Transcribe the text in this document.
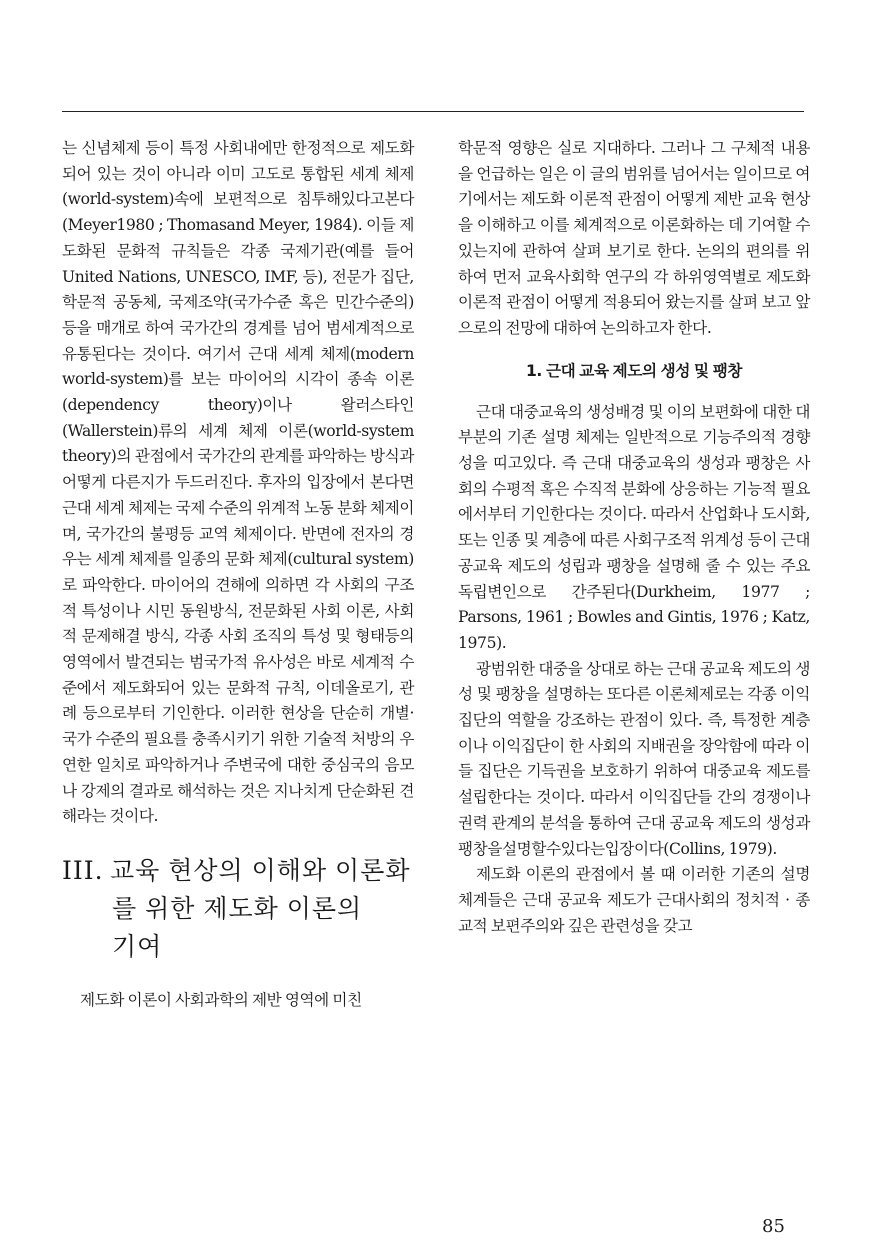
는 신념체제 등이 특정 사회내에만 한정적으로 제도화되어 있는 것이 아니라 이미 고도로 통합된 세계 체제 (world-system)속에 보편적으로 침투해있다고본다(Meyer1980 ; Thomasand Meyer, 1984). 이들 제도화된 문화적 규칙들은 각종 국제기관(예를 들어 United Nations, UNESCO, IMF, 등), 전문가 집단, 학문적 공동체, 국제조약(국가수준 혹은 민간수준의)등을 매개로 하여 국가간의 경계를 넘어 범세계적으로 유통된다는 것이다. 여기서 근대 세계 체제(modern world-system)를 보는 마이어의 시각이 종속 이론(dependency theory)이나 왈러스타인(Wallerstein)류의 세계 체제 이론(world-system theory)의 관점에서 국가간의 관계를 파악하는 방식과 어떻게 다른지가 두드러진다. 후자의 입장에서 본다면 근대 세계 체제는 국제 수준의 위계적 노동 분화 체제이며, 국가간의 불평등 교역 체제이다. 반면에 전자의 경우는 세계 체제를 일종의 문화 체제(cultural system)로 파악한다. 마이어의 견해에 의하면 각 사회의 구조적 특성이나 시민 동원방식, 전문화된 사회 이론, 사회적 문제해결 방식, 각종 사회 조직의 특성 및 형태등의 영역에서 발견되는 범국가적 유사성은 바로 세계적 수준에서 제도화되어 있는 문화적 규칙, 이데올로기, 관례 등으로부터 기인한다. 이러한 현상을 단순히 개별·국가 수준의 필요를 충족시키기 위한 기술적 처방의 우연한 일치로 파악하거나 주변국에 대한 중심국의 음모나 강제의 결과로 해석하는 것은 지나치게 단순화된 견해라는 것이다.

III. 교육 현상의 이해와 이론화
를 위한 제도화 이론의
기여

제도화 이론이 사회과학의 제반 영역에 미친

학문적 영향은 실로 지대하다. 그러나 그 구체적 내용을 언급하는 일은 이 글의 범위를 넘어서는 일이므로 여기에서는 제도화 이론적 관점이 어떻게 제반 교육 현상을 이해하고 이를 체계적으로 이론화하는 데 기여할 수 있는지에 관하여 살펴 보기로 한다. 논의의 편의를 위하여 먼저 교육사회학 연구의 각 하위영역별로 제도화 이론적 관점이 어떻게 적용되어 왔는지를 살펴 보고 앞으로의 전망에 대하여 논의하고자 한다.

1. 근대 교육 제도의 생성 및 팽창

근대 대중교육의 생성배경 및 이의 보편화에 대한 대부분의 기존 설명 체제는 일반적으로 기능주의적 경향성을 띠고있다. 즉 근대 대중교육의 생성과 팽창은 사회의 수평적 혹은 수직적 분화에 상응하는 기능적 필요에서부터 기인한다는 것이다. 따라서 산업화나 도시화, 또는 인종 및 계층에 따른 사회구조적 위계성 등이 근대 공교육 제도의 성립과 팽창을 설명해 줄 수 있는 주요 독립변인으로 간주된다(Durkheim, 1977 ; Parsons, 1961 ; Bowles and Gintis, 1976 ; Katz, 1975).

광범위한 대중을 상대로 하는 근대 공교육 제도의 생성 및 팽창을 설명하는 또다른 이론체제로는 각종 이익집단의 역할을 강조하는 관점이 있다. 즉, 특정한 계층이나 이익집단이 한 사회의 지배권을 장악함에 따라 이들 집단은 기득권을 보호하기 위하여 대중교육 제도를 설립한다는 것이다. 따라서 이익집단들 간의 경쟁이나 권력 관계의 분석을 통하여 근대 공교육 제도의 생성과팽창을설명할수있다는입장이다(Collins, 1979).

제도화 이론의 관점에서 볼 때 이러한 기존의 설명 체계들은 근대 공교육 제도가 근대사회의 정치적 · 종교적 보편주의와 깊은 관련성을 갖고

85
